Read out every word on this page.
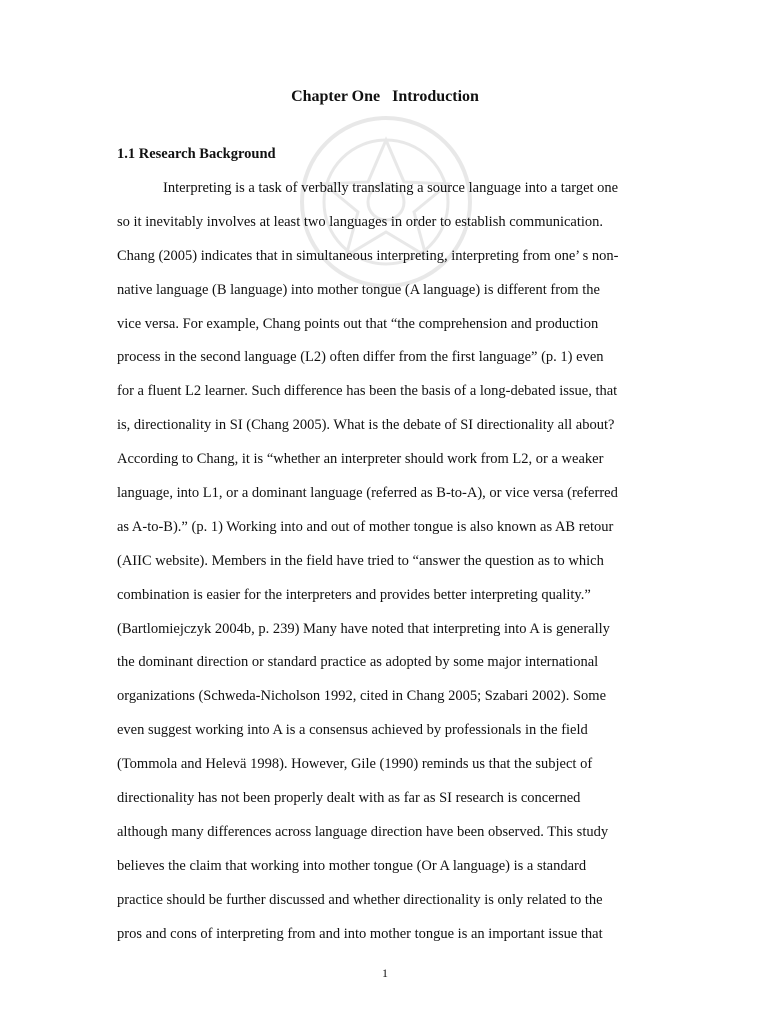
Chapter One   Introduction
1.1 Research Background
Interpreting is a task of verbally translating a source language into a target one
so it inevitably involves at least two languages in order to establish communication.
Chang (2005) indicates that in simultaneous interpreting, interpreting from one’ s non-
native language (B language) into mother tongue (A language) is different from the
vice versa. For example, Chang points out that “the comprehension and production
process in the second language (L2) often differ from the first language” (p. 1) even
for a fluent L2 learner. Such difference has been the basis of a long-debated issue, that
is, directionality in SI (Chang 2005). What is the debate of SI directionality all about?
According to Chang, it is “whether an interpreter should work from L2, or a weaker
language, into L1, or a dominant language (referred as B-to-A), or vice versa (referred
as A-to-B).” (p. 1) Working into and out of mother tongue is also known as AB retour
(AIIC website). Members in the field have tried to “answer the question as to which
combination is easier for the interpreters and provides better interpreting quality.”
(Bartlomiejczyk 2004b, p. 239) Many have noted that interpreting into A is generally
the dominant direction or standard practice as adopted by some major international
organizations (Schweda-Nicholson 1992, cited in Chang 2005; Szabari 2002). Some
even suggest working into A is a consensus achieved by professionals in the field
(Tommola and Helevä 1998). However, Gile (1990) reminds us that the subject of
directionality has not been properly dealt with as far as SI research is concerned
although many differences across language direction have been observed. This study
believes the claim that working into mother tongue (Or A language) is a standard
practice should be further discussed and whether directionality is only related to the
pros and cons of interpreting from and into mother tongue is an important issue that
1
